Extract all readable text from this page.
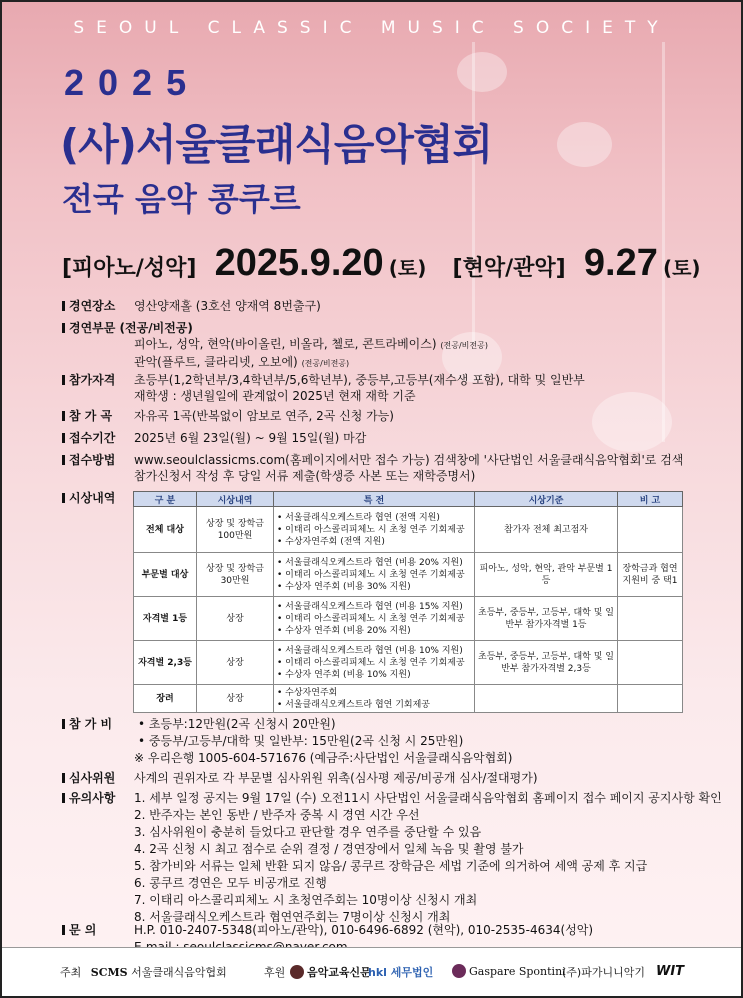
SEOUL CLASSIC MUSIC SOCIETY
2025
(사)서울클래식음악협회
전국 음악 콩쿠르
[피아노/성악] 2025.9.20 (토) [현악/관악] 9.27 (토)
경연장소	영산양재홀 (3호선 양재역 8번출구)
경연부문 (전공/비전공)
피아노, 성악, 현악(바이올린, 비올라, 첼로, 콘트라베이스) (전공/비전공)
관악(플루트, 클라리넷, 오보에) (전공/비전공)
참가자격	초등부(1,2학년부/3,4학년부/5,6학년부), 중등부,고등부(재수생 포함), 대학 및 일반부
재학생 : 생년월일에 관계없이 2025년 현재 재학 기준
참 가 곡	자유곡 1곡(반복없이 암보로 연주, 2곡 신청 가능)
접수기간	2025년 6월 23일(월) ~ 9월 15일(월) 마감
접수방법	www.seoulclassicms.com(홈페이지에서만 접수 가능) 검색창에 '사단법인 서울클래식음악협회'로 검색
참가신청서 작성 후 당일 서류 제출(학생증 사본 또는 재학증명서)
시상내역	구 분	시상내역	특 전	시상기준	비 고
전체 대상	상장 및 장학금 100만원	• 서울클래식오케스트라 협연 (전액 지원)
• 이태리 아스콜리피체노 시 초청 연주 기회제공
• 수상자연주회 (전액 지원)	참가자 전체 최고점자	
부문별 대상	상장 및 장학금 30만원	• 서울클래식오케스트라 협연 (비용 20% 지원)
• 이태리 아스콜리피체노 시 초청 연주 기회제공
• 수상자 연주회 (비용 30% 지원)	피아노, 성악, 현악, 관악 부문별 1등	장학금과 협연 지원비 중 택1
자격별 1등	상장	• 서울클래식오케스트라 협연 (비용 15% 지원)
• 이태리 아스콜리피체노 시 초청 연주 기회제공
• 수상자 연주회 (비용 20% 지원)	초등부, 중등부, 고등부, 대학 및 일반부 참가자격별 1등	
자격별 2,3등	상장	• 서울클래식오케스트라 협연 (비용 10% 지원)
• 이태리 아스콜리피체노 시 초청 연주 기회제공
• 수상자 연주회 (비용 10% 지원)	초등부, 중등부, 고등부, 대학 및 일반부 참가자격별 2,3등	
장려	상장	• 수상자연주회
• 서울클래식오케스트라 협연 기회제공

참 가 비	• 초등부:12만원(2곡 신청시 20만원)
• 중등부/고등부/대학 및 일반부: 15만원(2곡 신청 시 25만원)
※ 우리은행 1005-604-571676 (예금주:사단법인 서울클래식음악협회)
심사위원	사계의 권위자로 각 부문별 심사위원 위촉(심사평 제공/비공개 심사/절대평가)
유의사항	1. 세부 일정 공지는 9월 17일 (수) 오전11시 사단법인 서울클래식음악협회 홈페이지 접수 페이지 공지사항 확인
2. 반주자는 본인 동반 / 반주자 중복 시 경연 시간 우선
3. 심사위원이 충분히 들었다고 판단할 경우 연주를 중단할 수 있음
4. 2곡 신청 시 최고 점수로 순위 결정 / 경연장에서 일체 녹음 및 촬영 불가
5. 참가비와 서류는 일체 반환 되지 않음/ 콩쿠르 장학금은 세법 기준에 의거하여 세액 공제 후 지급
6. 콩쿠르 경연은 모두 비공개로 진행
7. 이태리 아스콜리피체노 시 초청연주회는 10명이상 신청시 개최
8. 서울클래식오케스트라 협연연주회는 7명이상 신청시 개최
문 의	H.P. 010-2407-5348(피아노/관악), 010-6496-6892 (현악), 010-2535-4634(성악)
주최 SCMS 서울클래식음악협회	후원	음악교육신문
hkl 세무법인	Gaspare Spontini
(주)파가니니악기 WIT
